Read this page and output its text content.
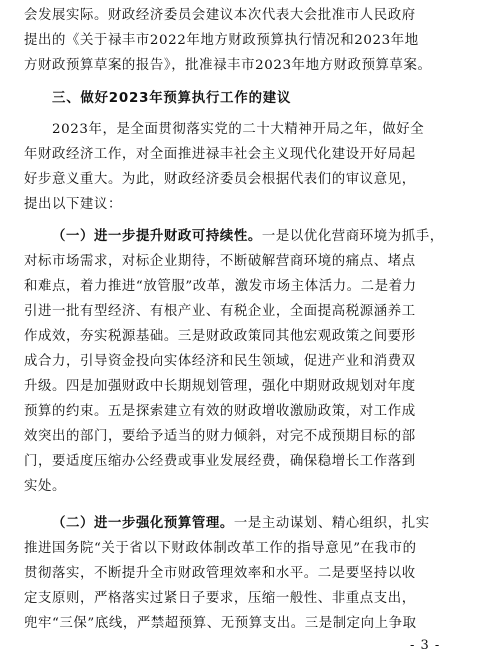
会发展实际。财政经济委员会建议本次代表大会批准市人民政府
提出的《关于禄丰市2022年地方财政预算执行情况和2023年地
方财政预算草案的报告》，批准禄丰市2023年地方财政预算草案。
三、做好2023年预算执行工作的建议
2023年，是全面贯彻落实党的二十大精神开局之年，做好全
年财政经济工作，对全面推进禄丰社会主义现代化建设开好局起
好步意义重大。为此，财政经济委员会根据代表们的审议意见，
提出以下建议：
（一）进一步提升财政可持续性。一是以优化营商环境为抓手，
对标市场需求，对标企业期待，不断破解营商环境的痛点、堵点
和难点，着力推进“放管服”改革，激发市场主体活力。二是着力
引进一批有型经济、有根产业、有税企业，全面提高税源涵养工
作成效，夯实税源基础。三是财政政策同其他宏观政策之间要形
成合力，引导资金投向实体经济和民生领域，促进产业和消费双
升级。四是加强财政中长期规划管理，强化中期财政规划对年度
预算的约束。五是探索建立有效的财政增收激励政策，对工作成
效突出的部门，要给予适当的财力倾斜，对完不成预期目标的部
门，要适度压缩办公经费或事业发展经费，确保稳增长工作落到
实处。
（二）进一步强化预算管理。一是主动谋划、精心组织，扎实
推进国务院“关于省以下财政体制改革工作的指导意见”在我市的
贯彻落实，不断提升全市财政管理效率和水平。二是要坚持以收
定支原则，严格落实过紧日子要求，压缩一般性、非重点支出，
兜牢“三保”底线，严禁超预算、无预算支出。三是制定向上争取
- 3 -
